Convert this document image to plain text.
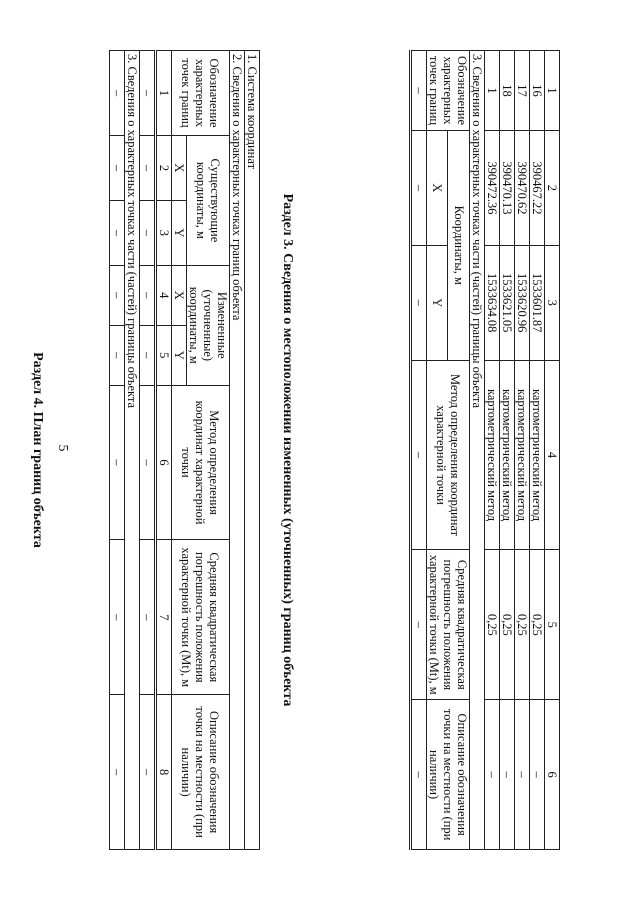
5
1	2	3	4	5	6
16	390467.22	1533601.87	картометрический метод	0,25	–
17	390470.62	1533620.96	картометрический метод	0,25	–
18	390470.13	1533621.05	картометрический метод	0,25	–
1	390472.36	1533634.08	картометрический метод	0,25	–
3. Сведения о характерных точках части (частей) границы объекта					
Обозначение характерных точек границ	Координаты, м		Метод определения координат характерной точки	Средняя квадратическая погрешность положения характерной точки (Mt), м	Описание обозначения точки на местности (при наличии)
	X	Y			
–	–	–	–	–	–
Раздел 3. Сведения о местоположении измененных (уточненных) границ объекта
1. Система координат							
2. Сведения о характерных точках границ объекта							
Обозначение характерных точек границ	Существующие координаты, м		Измененные (уточненные) координаты, м		Метод определения координат характерной точки	Средняя квадратическая погрешность положения характерной точки (Mt), м	Описание обозначения точки на местности (при наличии)
	X	Y	X	Y			
1	2	3	4	5	6	7	8
–	–	–	–	–	–	–	–
3. Сведения о характерных точках части (частей) границы объекта							
–	–	–	–	–	–	–	–
Раздел 4. План границ объекта
